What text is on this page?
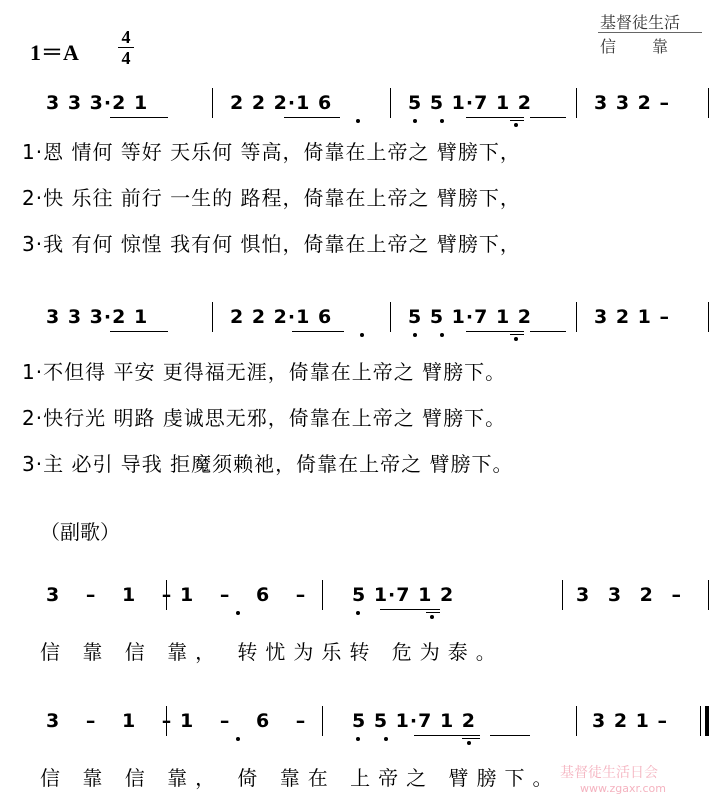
1＝A
4
4
基督徒生活
信靠
3 3 3·2 1	2 2 2·1 6	5 5 1·7 1 2	3 3 2 –
1·恩 情何 等好 天乐何 等高，倚靠在上帝之 臂膀下，
2·快 乐往 前行 一生的 路程，倚靠在上帝之 臂膀下，
3·我 有何 惊惶 我有何 惧怕，倚靠在上帝之 臂膀下，
3 3 3·2 1	2 2 2·1 6	5 5 1·7 1 2	3 2 1 –
1·不但得 平安 更得福无涯，倚靠在上帝之 臂膀下。
2·快行光 明路 虔诚思无邪，倚靠在上帝之 臂膀下。
3·主 必引 导我 拒魔须赖祂，倚靠在上帝之 臂膀下。
（副歌）
3 – 1 –
1 – 6 – 5 1·7 1 2	3 3 2 –
信 靠 信 靠， 转忧为乐转 危为泰。
3 – 1 –
1 – 6 – 5 5 1·7 1 2	3 2 1 –
信 靠 信 靠， 倚 靠在 上帝之 臂膀下。 基督徒生活日会
www.zgaxr.com
